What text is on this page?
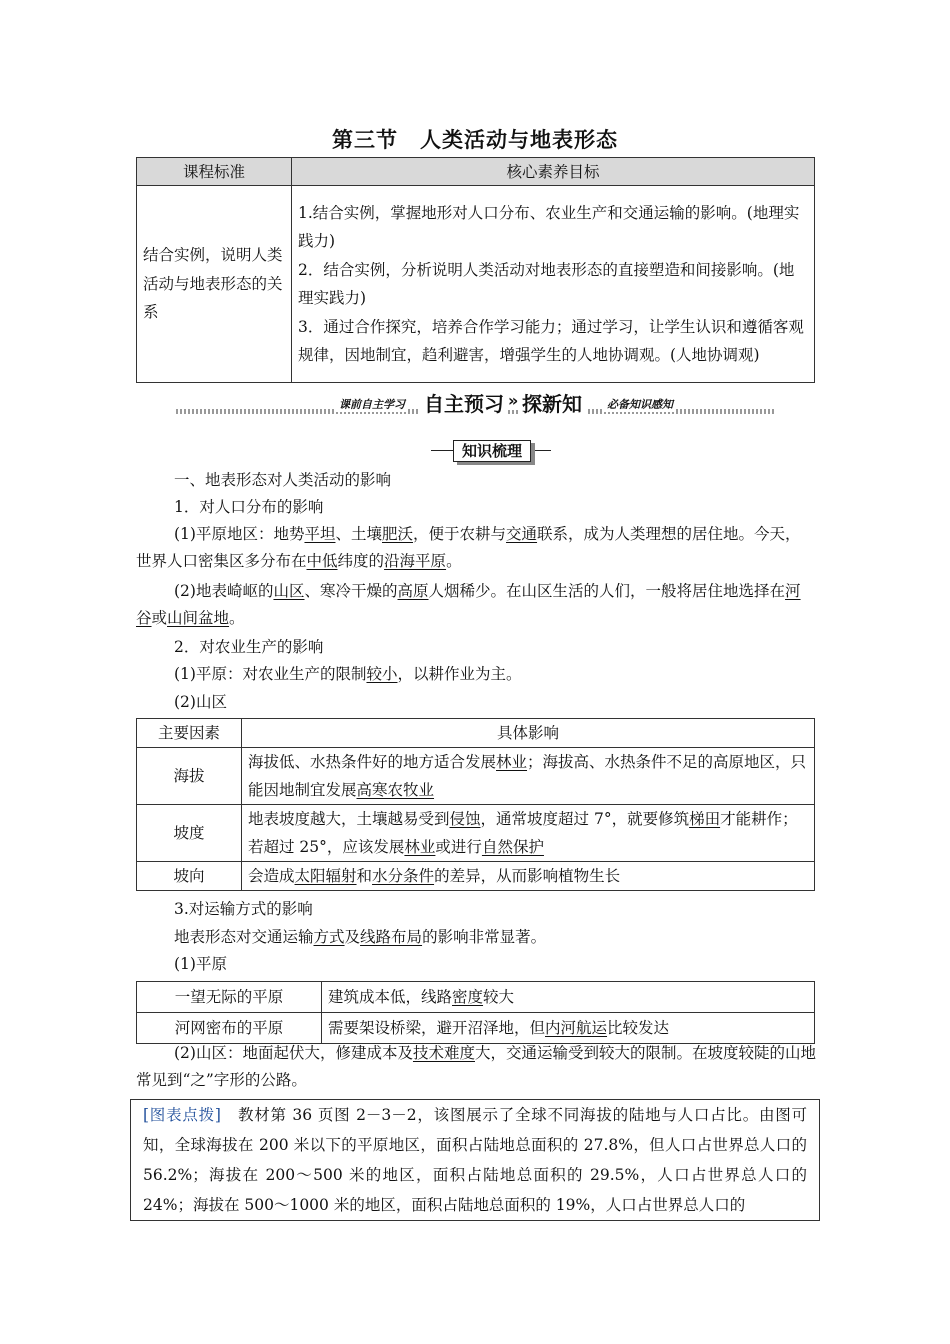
第三节　人类活动与地表形态
课程标准	核心素养目标
结合实例，说明人类活动与地表形态的关系	1.结合实例，掌握地形对人口分布、农业生产和交通运输的影响。(地理实践力)
2．结合实例，分析说明人类活动对地表形态的直接塑造和间接影响。(地理实践力)
3．通过合作探究，培养合作学习能力；通过学习，让学生认识和遵循客观规律，因地制宜，趋利避害，增强学生的人地协调观。(人地协调观)
课前自主学习 自主预习 » 探新知	必备知识感知
知识梳理
一、地表形态对人类活动的影响
1．对人口分布的影响
(1)平原地区：地势平坦、土壤肥沃，便于农耕与交通联系，成为人类理想的居住地。今天，世界人口密集区多分布在中低纬度的沿海平原。
(2)地表崎岖的山区、寒冷干燥的高原人烟稀少。在山区生活的人们，一般将居住地选择在河谷或山间盆地。
2．对农业生产的影响
(1)平原：对农业生产的限制较小，以耕作业为主。
(2)山区
主要因素	具体影响
海拔	海拔低、水热条件好的地方适合发展林业；海拔高、水热条件不足的高原地区，只能因地制宜发展高寒农牧业
坡度	地表坡度越大，土壤越易受到侵蚀，通常坡度超过 7°，就要修筑梯田才能耕作；若超过 25°，应该发展林业或进行自然保护
坡向	会造成太阳辐射和水分条件的差异，从而影响植物生长
3.对运输方式的影响
地表形态对交通运输方式及线路布局的影响非常显著。
(1)平原
一望无际的平原	建筑成本低，线路密度较大
河网密布的平原	需要架设桥梁，避开沼泽地，但内河航运比较发达
(2)山区：地面起伏大，修建成本及技术难度大，交通运输受到较大的限制。在坡度较陡的山地常见到“之”字形的公路。
[图表点拨]　教材第 36 页图 2－3－2，该图展示了全球不同海拔的陆地与人口占比。由图可知，全球海拔在 200 米以下的平原地区，面积占陆地总面积的 27.8%，但人口占世界总人口的 56.2%；海拔在 200～500 米的地区，面积占陆地总面积的 29.5%，人口占世界总人口的 24%；海拔在 500～1000 米的地区，面积占陆地总面积的 19%，人口占世界总人口的
